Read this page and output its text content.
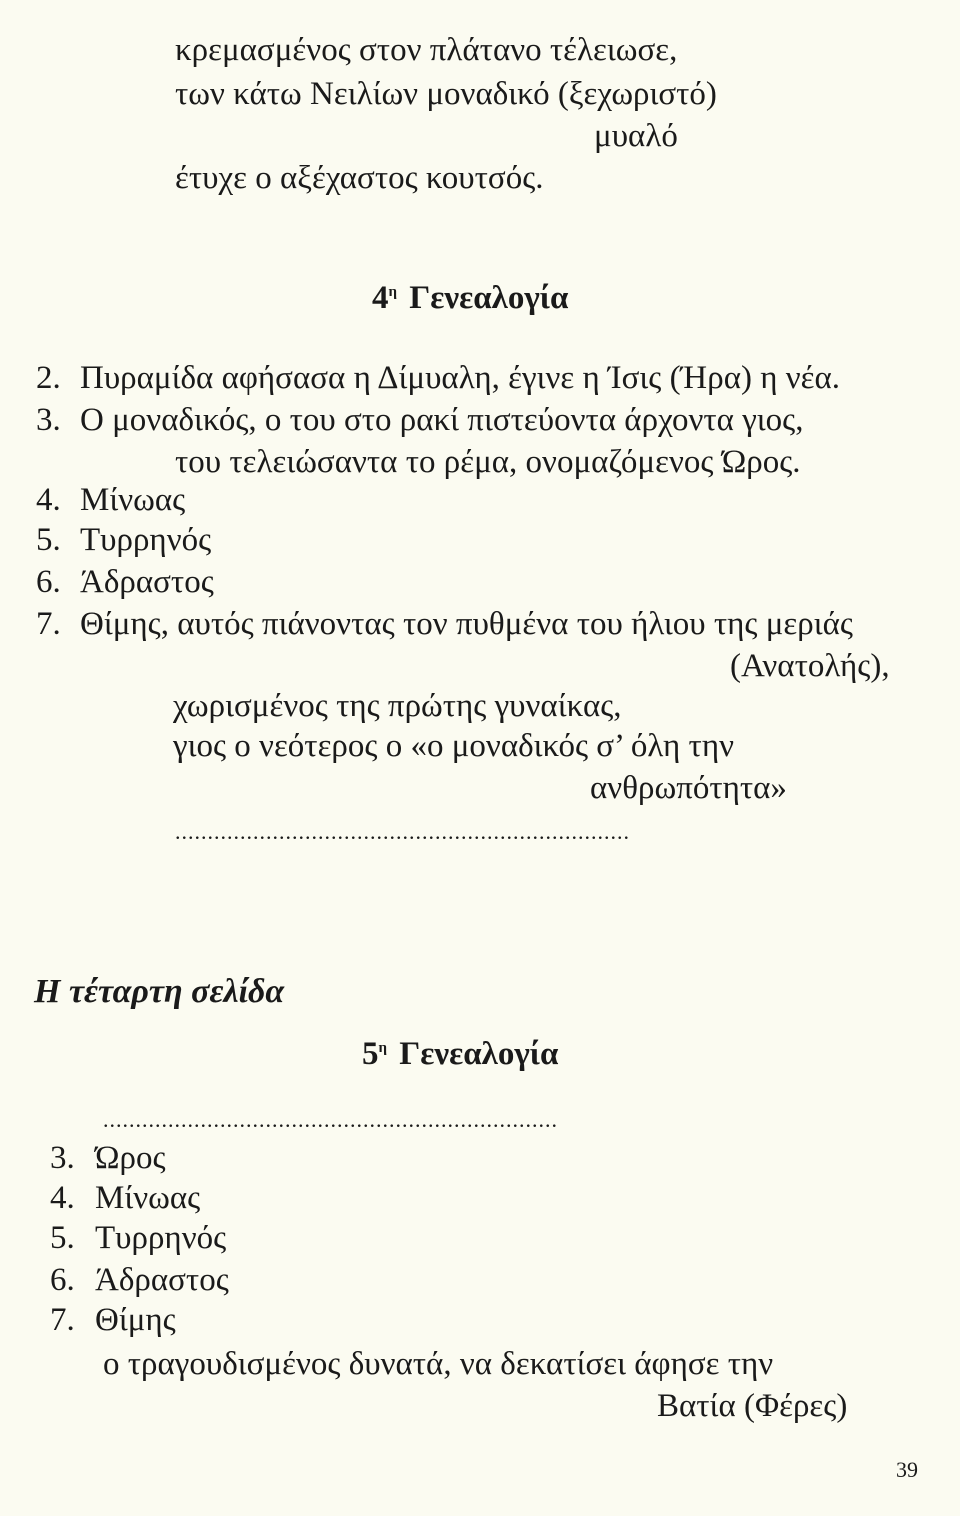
κρεμασμένος στον πλάτανο τέλειωσε,
των κάτω Νειλίων μοναδικό (ξεχωριστό)
μυαλό
έτυχε ο αξέχαστος κουτσός.
$4^\eta$ Γενεαλογία
2. Πυραμίδα αφήσασα η Δίμυαλη, έγινε η Ίσις (Ήρα) η νέα.
3. Ο μοναδικός, ο του στο ρακί πιστεύοντα άρχοντα γιος,
του τελειώσαντα το ρέμα, ονομαζόμενος Ώρος.
4. Μίνωας
5. Τυρρηνός
6. Άδραστος
7. Θίμης, αυτός πιάνοντας τον πυθμένα του ήλιου της μεριάς
(Ανατολής),
χωρισμένος της πρώτης γυναίκας,
γιος ο νεότερος ο «ο μοναδικός σ’ όλη την
ανθρωπότητα»
......................................................................
Η τέταρτη σελίδα
$5^\eta$ Γενεαλογία
......................................................................
3. Ώρος
4. Μίνωας
5. Τυρρηνός
6. Άδραστος
7. Θίμης
ο τραγουδισμένος δυνατά, να δεκατίσει άφησε την
Βατία (Φέρες)
39
